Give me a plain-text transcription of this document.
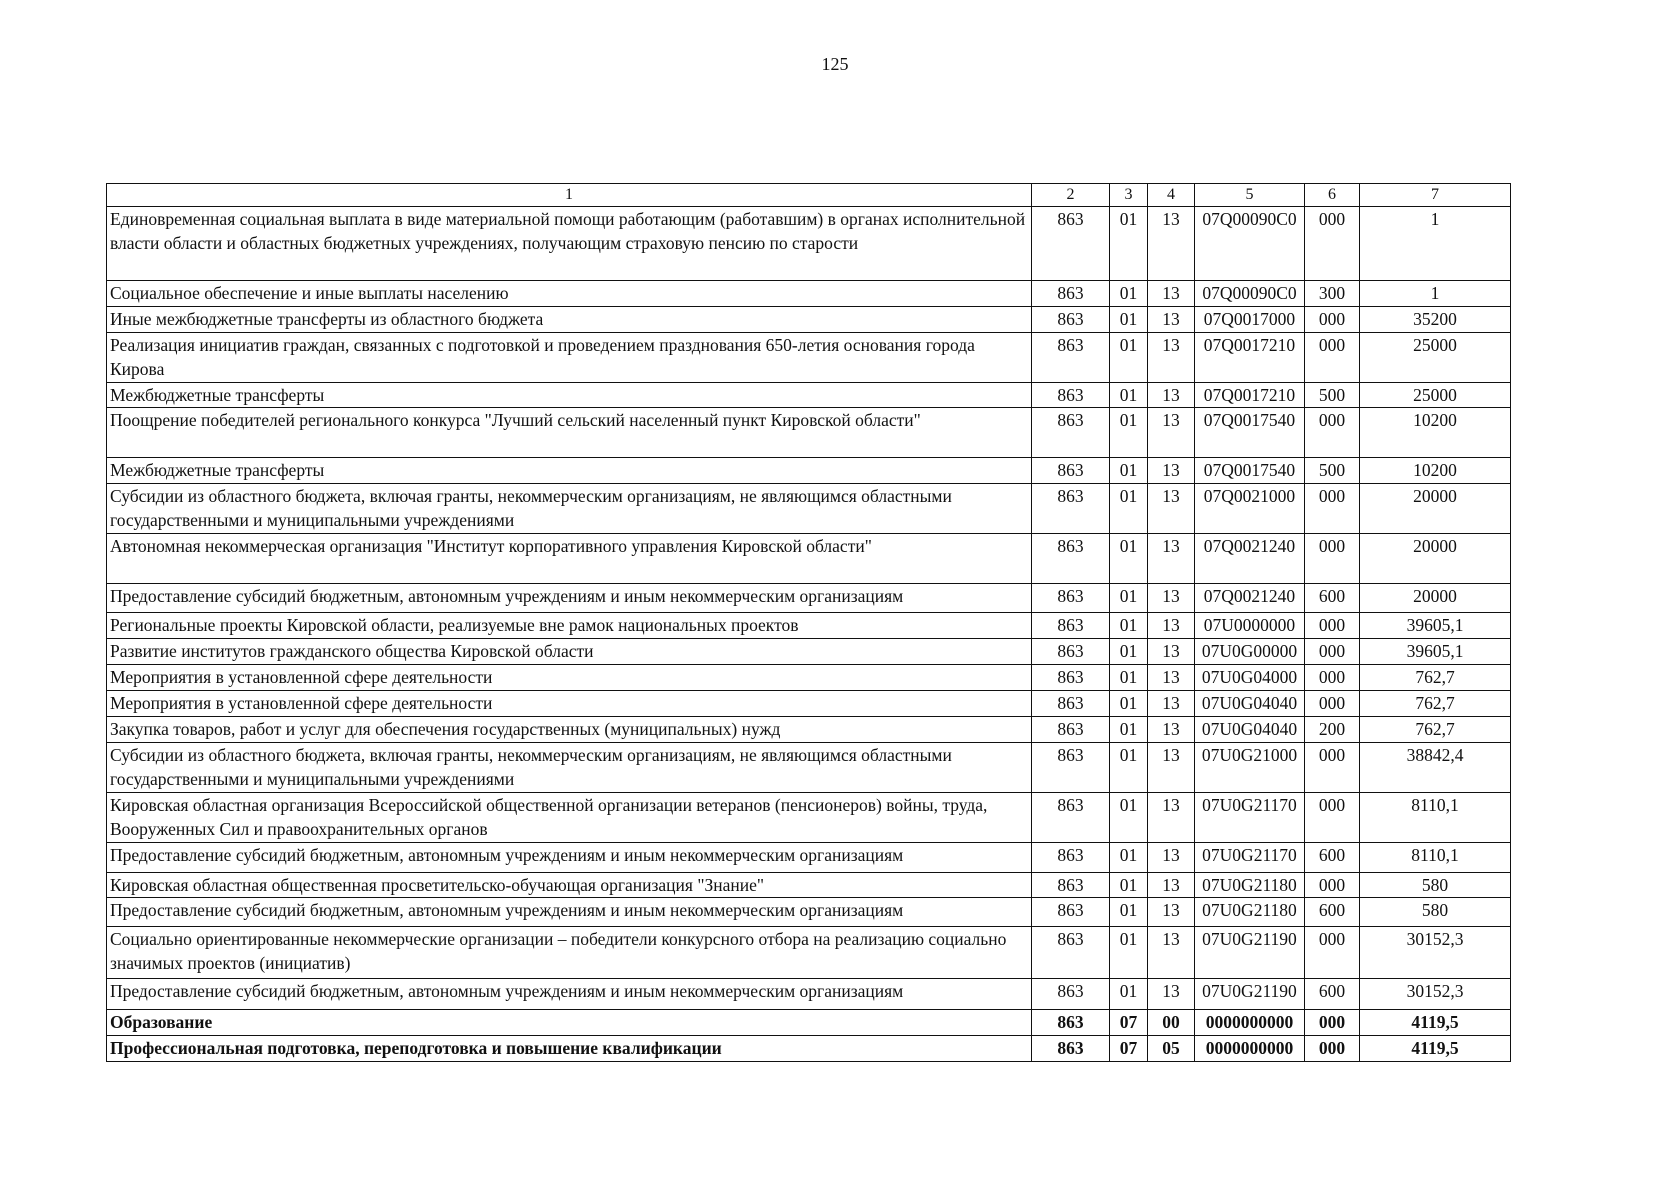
125
1	2	3	4	5	6	7
Единовременная социальная выплата в виде материальной помощи работающим (работавшим) в органах исполнительной власти области и областных бюджетных учреждениях, получающим страховую пенсию по старости	863	01	13	07Q00090C0	000	1
Социальное обеспечение и иные выплаты населению	863	01	13	07Q00090C0	300	1
Иные межбюджетные трансферты из областного бюджета	863	01	13	07Q0017000	000	35200
Реализация инициатив граждан, связанных с подготовкой и проведением празднования 650-летия основания города Кирова	863	01	13	07Q0017210	000	25000
Межбюджетные трансферты	863	01	13	07Q0017210	500	25000
Поощрение победителей регионального конкурса "Лучший сельский населенный пункт Кировской области"	863	01	13	07Q0017540	000	10200
Межбюджетные трансферты	863	01	13	07Q0017540	500	10200
Субсидии из областного бюджета, включая гранты, некоммерческим организациям, не являющимся областными государственными и муниципальными учреждениями	863	01	13	07Q0021000	000	20000
Автономная некоммерческая организация "Институт корпоративного управления Кировской области"	863	01	13	07Q0021240	000	20000
Предоставление субсидий бюджетным, автономным учреждениям и иным некоммерческим организациям	863	01	13	07Q0021240	600	20000
Региональные проекты Кировской области, реализуемые вне рамок национальных проектов	863	01	13	07U0000000	000	39605,1
Развитие институтов гражданского общества Кировской области	863	01	13	07U0G00000	000	39605,1
Мероприятия в установленной сфере деятельности	863	01	13	07U0G04000	000	762,7
Мероприятия в установленной сфере деятельности	863	01	13	07U0G04040	000	762,7
Закупка товаров, работ и услуг для обеспечения государственных (муниципальных) нужд	863	01	13	07U0G04040	200	762,7
Субсидии из областного бюджета, включая гранты, некоммерческим организациям, не являющимся областными государственными и муниципальными учреждениями	863	01	13	07U0G21000	000	38842,4
Кировская областная организация Всероссийской общественной организации ветеранов (пенсионеров) войны, труда, Вооруженных Сил и правоохранительных органов	863	01	13	07U0G21170	000	8110,1
Предоставление субсидий бюджетным, автономным учреждениям и иным некоммерческим организациям	863	01	13	07U0G21170	600	8110,1
Кировская областная общественная просветительско-обучающая организация "Знание"	863	01	13	07U0G21180	000	580
Предоставление субсидий бюджетным, автономным учреждениям и иным некоммерческим организациям	863	01	13	07U0G21180	600	580
Социально ориентированные некоммерческие организации – победители конкурсного отбора на реализацию социально значимых проектов (инициатив)	863	01	13	07U0G21190	000	30152,3
Предоставление субсидий бюджетным, автономным учреждениям и иным некоммерческим организациям	863	01	13	07U0G21190	600	30152,3
Образование	863	07	00	0000000000	000	4119,5
Профессиональная подготовка, переподготовка и повышение квалификации	863	07	05	0000000000	000	4119,5
